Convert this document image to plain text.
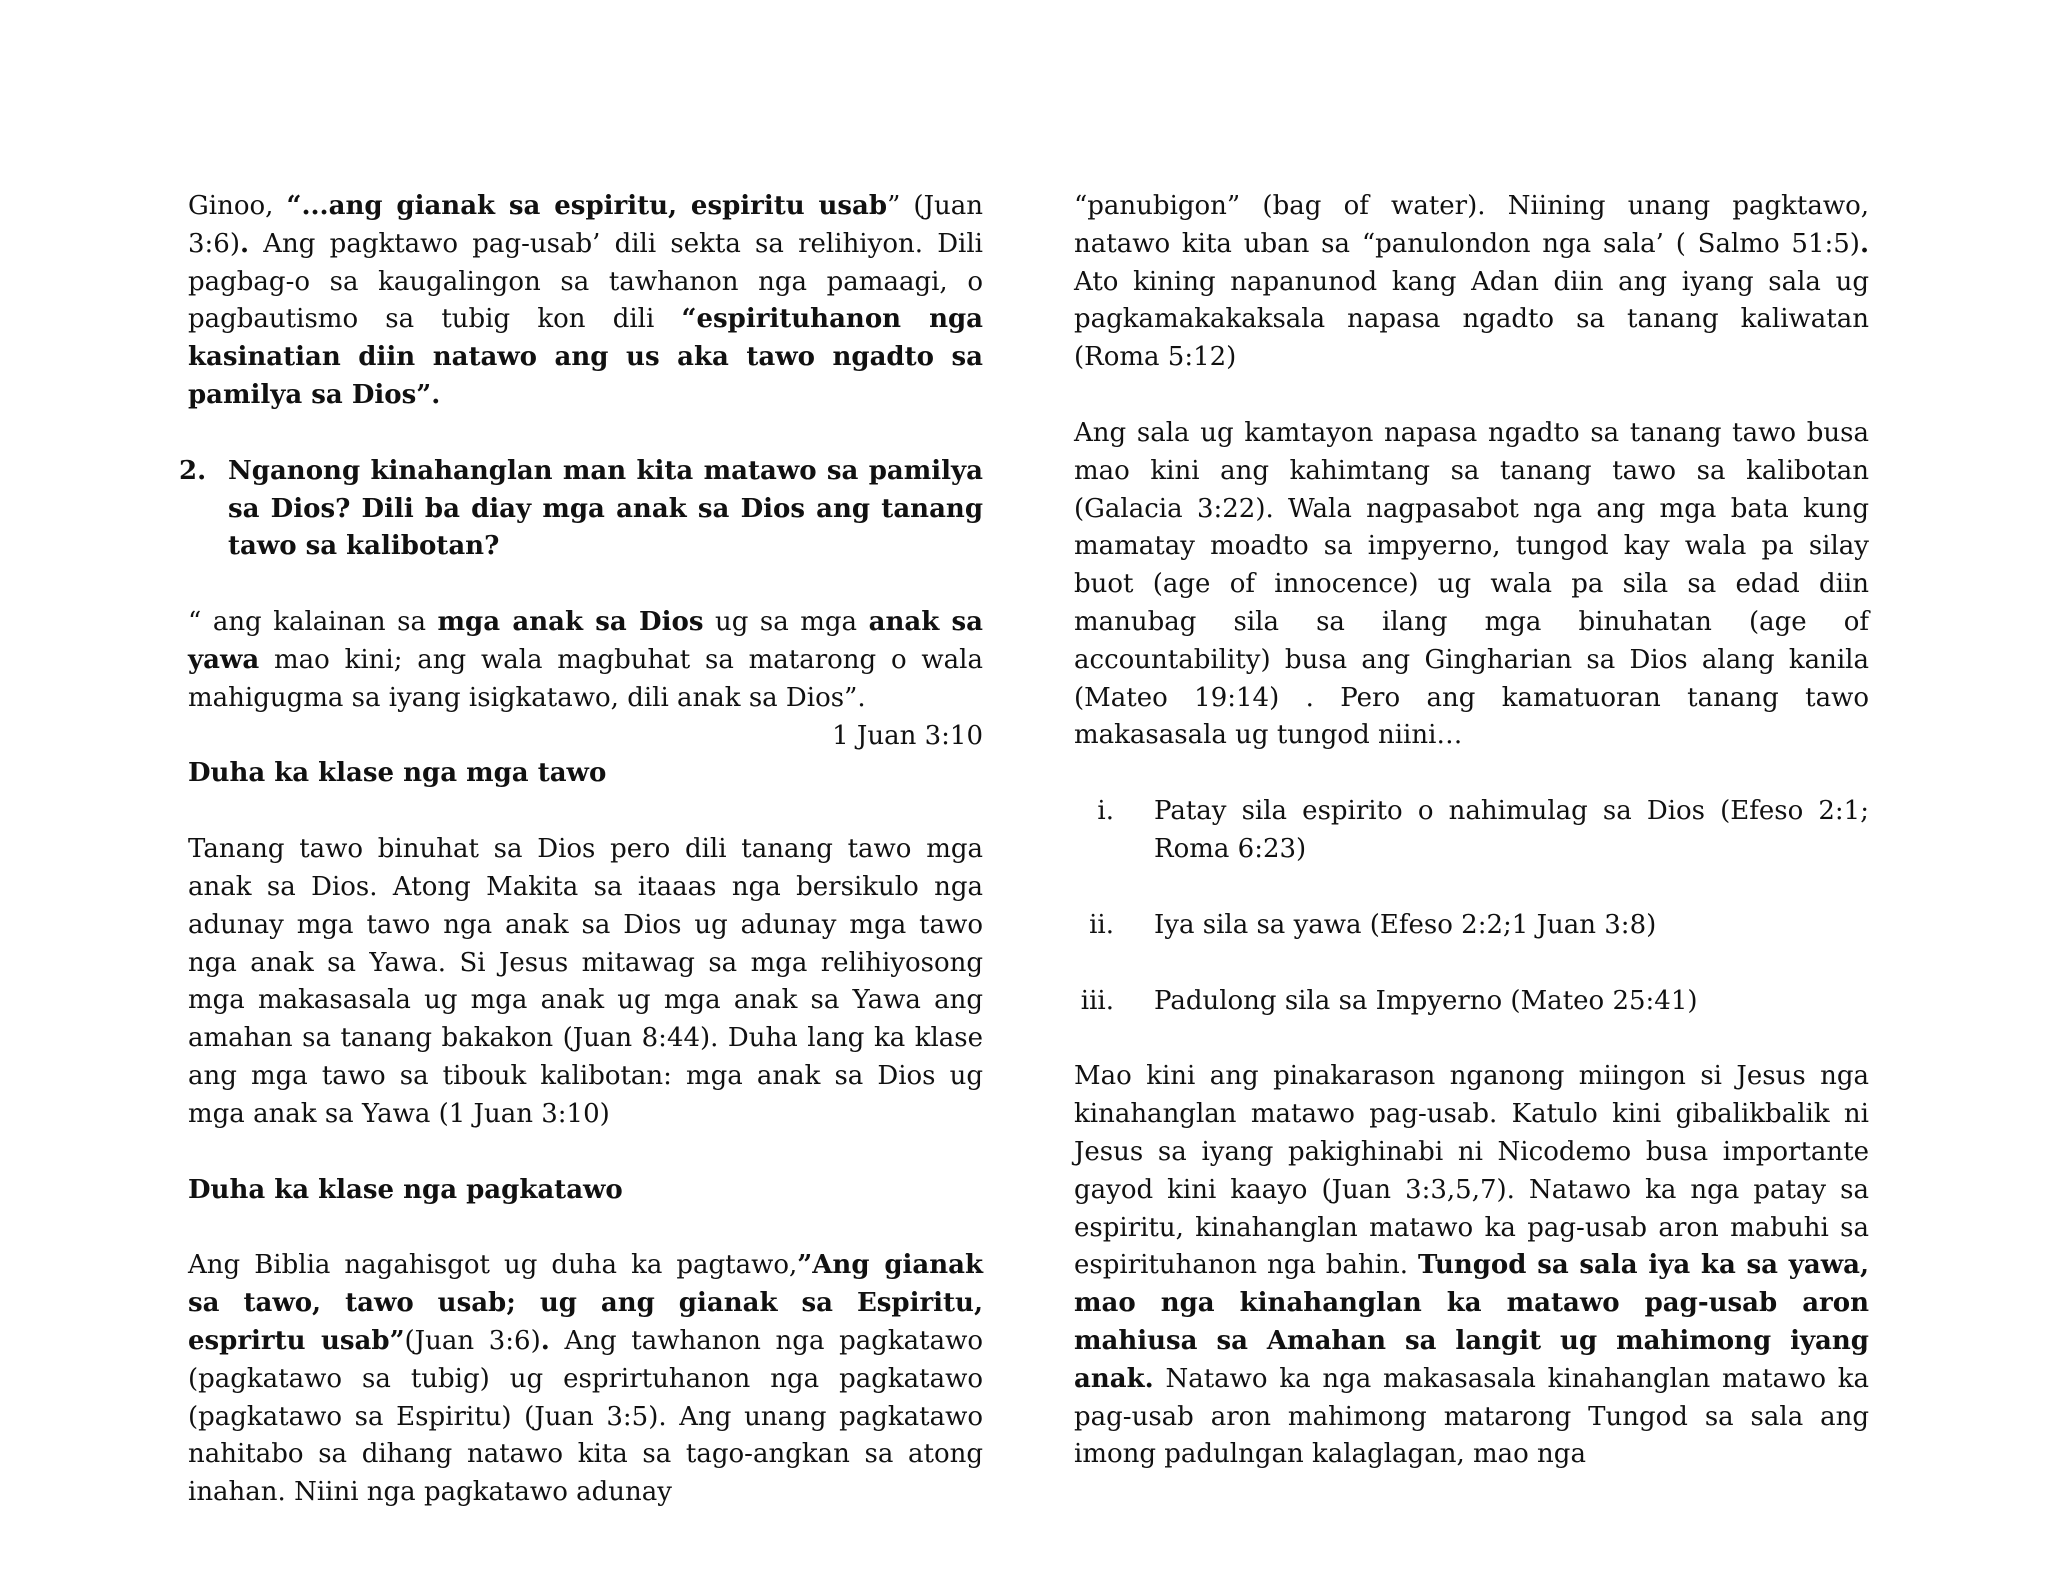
Ginoo, “...ang gianak sa espiritu, espiritu usab” (Juan 3:6). Ang pagktawo pag-usab’ dili sekta sa relihiyon. Dili pagbag-o sa kaugalingon sa tawhanon nga pamaagi, o pagbautismo sa tubig kon dili “espirituhanon nga kasinatian diin natawo ang us aka tawo ngadto sa pamilya sa Dios”.

2. Nganong kinahanglan man kita matawo sa pamilya sa Dios? Dili ba diay mga anak sa Dios ang tanang tawo sa kalibotan?

“ ang kalainan sa mga anak sa Dios ug sa mga anak sa yawa mao kini; ang wala magbuhat sa matarong o wala mahigugma sa iyang isigkatawo, dili anak sa Dios”.

1 Juan 3:10

Duha ka klase nga mga tawo

Tanang tawo binuhat sa Dios pero dili tanang tawo mga anak sa Dios. Atong Makita sa itaaas nga bersikulo nga adunay mga tawo nga anak sa Dios ug adunay mga tawo nga anak sa Yawa. Si Jesus mitawag sa mga relihiyosong mga makasasala ug mga anak ug mga anak sa Yawa ang amahan sa tanang bakakon (Juan 8:44). Duha lang ka klase ang mga tawo sa tibouk kalibotan: mga anak sa Dios ug mga anak sa Yawa (1 Juan 3:10)

Duha ka klase nga pagkatawo

Ang Biblia nagahisgot ug duha ka pagtawo,”Ang gianak sa tawo, tawo usab; ug ang gianak sa Espiritu, esprirtu usab”(Juan 3:6). Ang tawhanon nga pagkatawo (pagkatawo sa tubig) ug esprirtuhanon nga pagkatawo (pagkatawo sa Espiritu) (Juan 3:5). Ang unang pagkatawo nahitabo sa dihang natawo kita sa tago-angkan sa atong inahan. Niini nga pagkatawo adunay

“panubigon” (bag of water). Niining unang pagktawo, natawo kita uban sa “panulondon nga sala’ ( Salmo 51:5). Ato kining napanunod kang Adan diin ang iyang sala ug pagkamakakaksala napasa ngadto sa tanang kaliwatan (Roma 5:12)

Ang sala ug kamtayon napasa ngadto sa tanang tawo busa mao kini ang kahimtang sa tanang tawo sa kalibotan (Galacia 3:22). Wala nagpasabot nga ang mga bata kung mamatay moadto sa impyerno, tungod kay wala pa silay buot (age of innocence) ug wala pa sila sa edad diin manubag sila sa ilang mga binuhatan (age of accountability) busa ang Gingharian sa Dios alang kanila (Mateo 19:14) . Pero ang kamatuoran tanang tawo makasasala ug tungod niini…

i. Patay sila espirito o nahimulag sa Dios (Efeso 2:1; Roma 6:23)
ii. Iya sila sa yawa (Efeso 2:2;1 Juan 3:8)
iii. Padulong sila sa Impyerno (Mateo 25:41)

Mao kini ang pinakarason nganong miingon si Jesus nga kinahanglan matawo pag-usab. Katulo kini gibalikbalik ni Jesus sa iyang pakighinabi ni Nicodemo busa importante gayod kini kaayo (Juan 3:3,5,7). Natawo ka nga patay sa espiritu, kinahanglan matawo ka pag-usab aron mabuhi sa espirituhanon nga bahin. Tungod sa sala iya ka sa yawa, mao nga kinahanglan ka matawo pag-usab aron mahiusa sa Amahan sa langit ug mahimong iyang anak. Natawo ka nga makasasala kinahanglan matawo ka pag-usab aron mahimong matarong Tungod sa sala ang imong padulngan kalaglagan, mao nga
